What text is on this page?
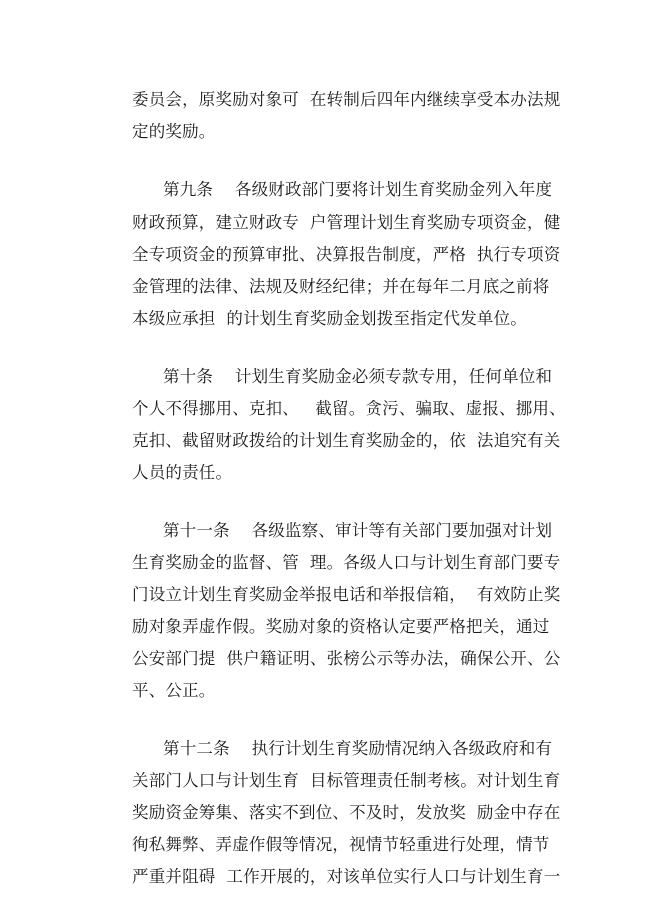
委员会，原奖励对象可  在转制后四年内继续享受本办法规
定的奖励。
第九条    各级财政部门要将计划生育奖励金列入年度
财政预算，建立财政专  户管理计划生育奖励专项资金，健
全专项资金的预算审批、决算报告制度，严格  执行专项资
金管理的法律、法规及财经纪律；并在每年二月底之前将
本级应承担  的计划生育奖励金划拨至指定代发单位。
第十条    计划生育奖励金必须专款专用，任何单位和
个人不得挪用、克扣、   截留。贪污、骗取、虚报、挪用、
克扣、截留财政拨给的计划生育奖励金的，依  法追究有关
人员的责任。
第十一条    各级监察、审计等有关部门要加强对计划
生育奖励金的监督、管  理。各级人口与计划生育部门要专
门设立计划生育奖励金举报电话和举报信箱，  有效防止奖
励对象弄虚作假。奖励对象的资格认定要严格把关，通过
公安部门提  供户籍证明、张榜公示等办法，确保公开、公
平、公正。
第十二条    执行计划生育奖励情况纳入各级政府和有
关部门人口与计划生育  目标管理责任制考核。对计划生育
奖励资金筹集、落实不到位、不及时，发放奖  励金中存在
徇私舞弊、弄虚作假等情况，视情节轻重进行处理，情节
严重并阻碍  工作开展的，对该单位实行人口与计划生育一
